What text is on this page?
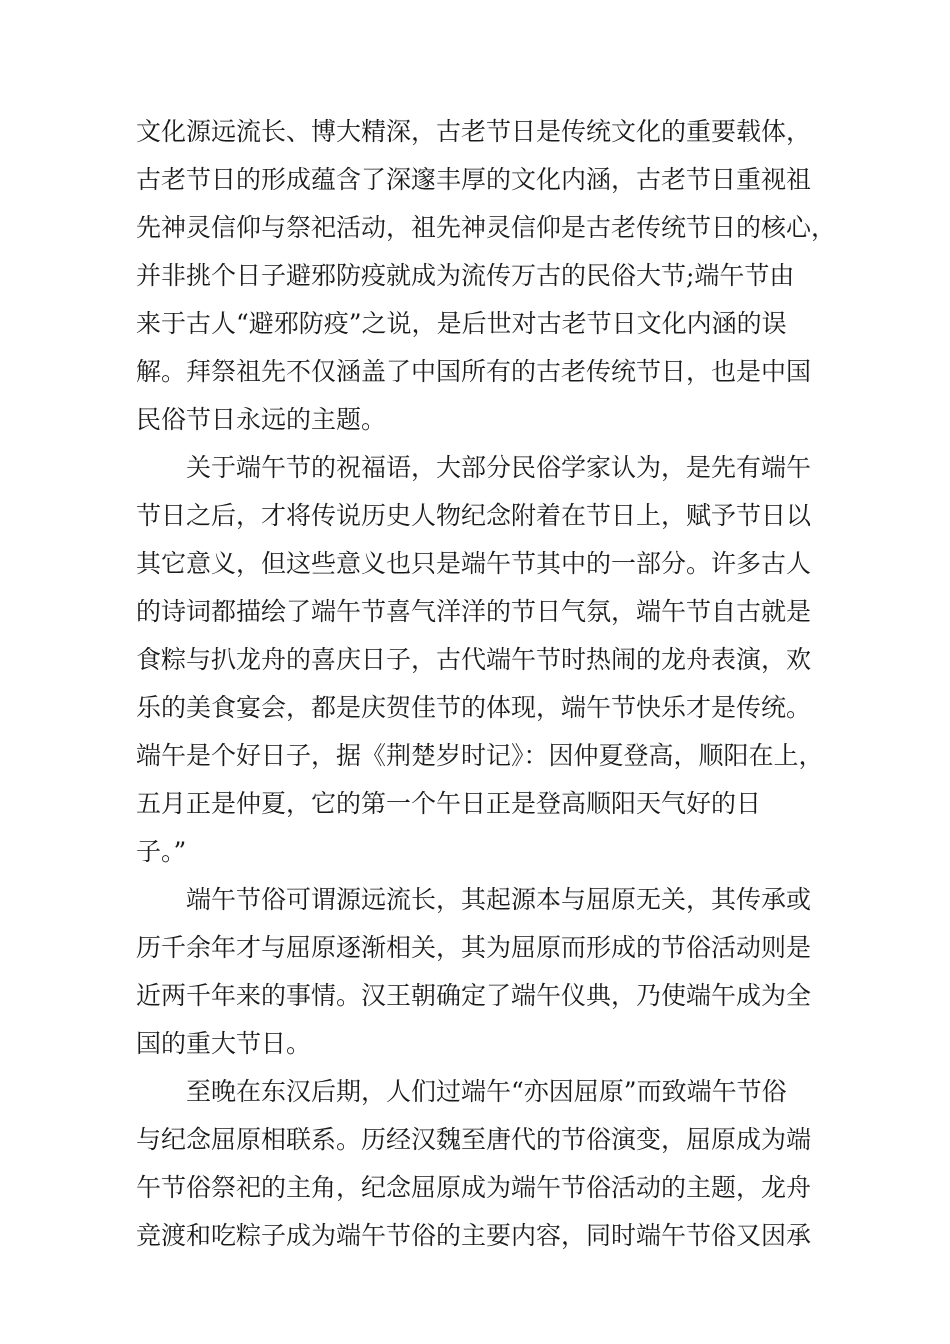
文化源远流长、博大精深，古老节日是传统文化的重要载体，
古老节日的形成蕴含了深邃丰厚的文化内涵，古老节日重视祖
先神灵信仰与祭祀活动，祖先神灵信仰是古老传统节日的核心，
并非挑个日子避邪防疫就成为流传万古的民俗大节;端午节由
来于古人“避邪防疫”之说，是后世对古老节日文化内涵的误
解。拜祭祖先不仅涵盖了中国所有的古老传统节日，也是中国
民俗节日永远的主题。
关于端午节的祝福语，大部分民俗学家认为，是先有端午
节日之后，才将传说历史人物纪念附着在节日上，赋予节日以
其它意义，但这些意义也只是端午节其中的一部分。许多古人
的诗词都描绘了端午节喜气洋洋的节日气氛，端午节自古就是
食粽与扒龙舟的喜庆日子，古代端午节时热闹的龙舟表演，欢
乐的美食宴会，都是庆贺佳节的体现，端午节快乐才是传统。
端午是个好日子，据《荆楚岁时记》：因仲夏登高，顺阳在上，
五月正是仲夏，它的第一个午日正是登高顺阳天气好的日
子。”
端午节俗可谓源远流长，其起源本与屈原无关，其传承或
历千余年才与屈原逐渐相关，其为屈原而形成的节俗活动则是
近两千年来的事情。汉王朝确定了端午仪典，乃使端午成为全
国的重大节日。
至晚在东汉后期，人们过端午“亦因屈原”而致端午节俗
与纪念屈原相联系。历经汉魏至唐代的节俗演变，屈原成为端
午节俗祭祀的主角，纪念屈原成为端午节俗活动的主题，龙舟
竞渡和吃粽子成为端午节俗的主要内容，同时端午节俗又因承
